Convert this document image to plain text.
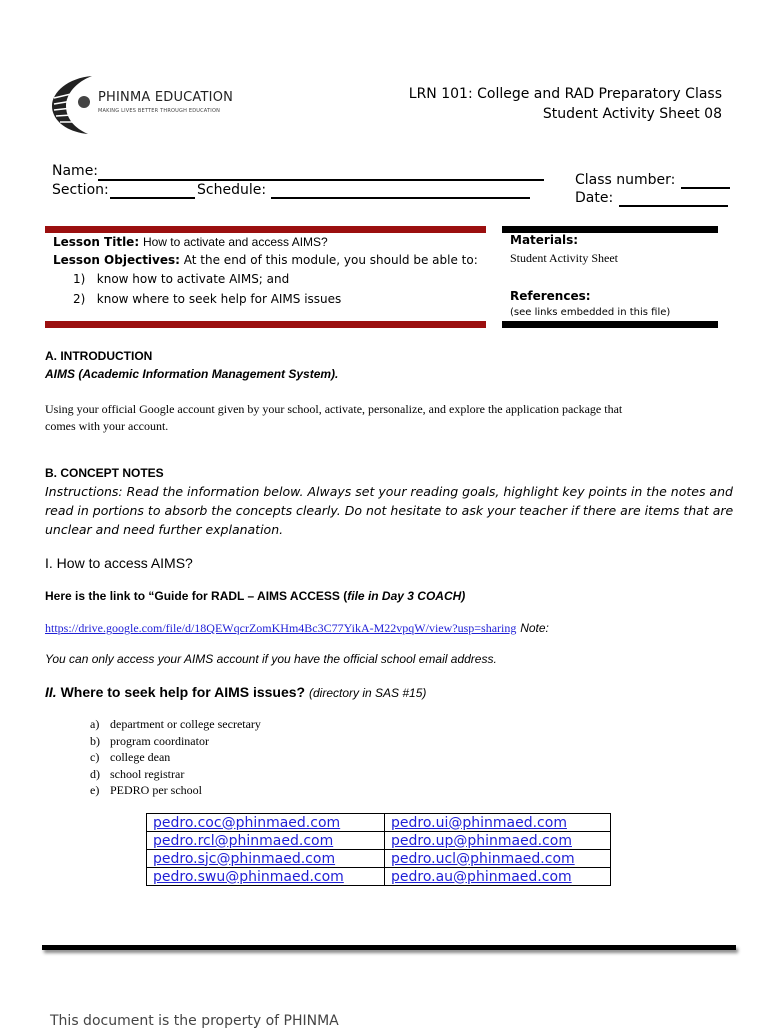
PHINMA EDUCATION
MAKING LIVES BETTER THROUGH EDUCATION
LRN 101: College and RAD Preparatory Class
Student Activity Sheet 08
Name:
Section:	Schedule:
Class number:
Date:
Lesson Title: How to activate and access AIMS?
Lesson Objectives: At the end of this module, you should be able to:
1) know how to activate AIMS; and
2) know where to seek help for AIMS issues
Materials:
Student Activity Sheet
References:
(see links embedded in this file)
A. INTRODUCTION
AIMS (Academic Information Management System).
Using your official Google account given by your school, activate, personalize, and explore the application package that
comes with your account.
B. CONCEPT NOTES
Instructions: Read the information below. Always set your reading goals, highlight key points in the notes and
read in portions to absorb the concepts clearly. Do not hesitate to ask your teacher if there are items that are
unclear and need further explanation.
I. How to access AIMS?
Here is the link to “Guide for RADL – AIMS ACCESS (file in Day 3 COACH)
https://drive.google.com/file/d/18QEWqcrZomKHm4Bc3C77YikA-M22vpqW/view?usp=sharing Note:
You can only access your AIMS account if you have the official school email address.
II. Where to seek help for AIMS issues? (directory in SAS #15)
a) department or college secretary
b) program coordinator
c) college dean
d) school registrar
e) PEDRO per school
pedro.coc@phinmaed.com	pedro.ui@phinmaed.com
pedro.rcl@phinmaed.com	pedro.up@phinmaed.com
pedro.sjc@phinmaed.com	pedro.ucl@phinmaed.com
pedro.swu@phinmaed.com	pedro.au@phinmaed.com
This document is the property of PHINMA
